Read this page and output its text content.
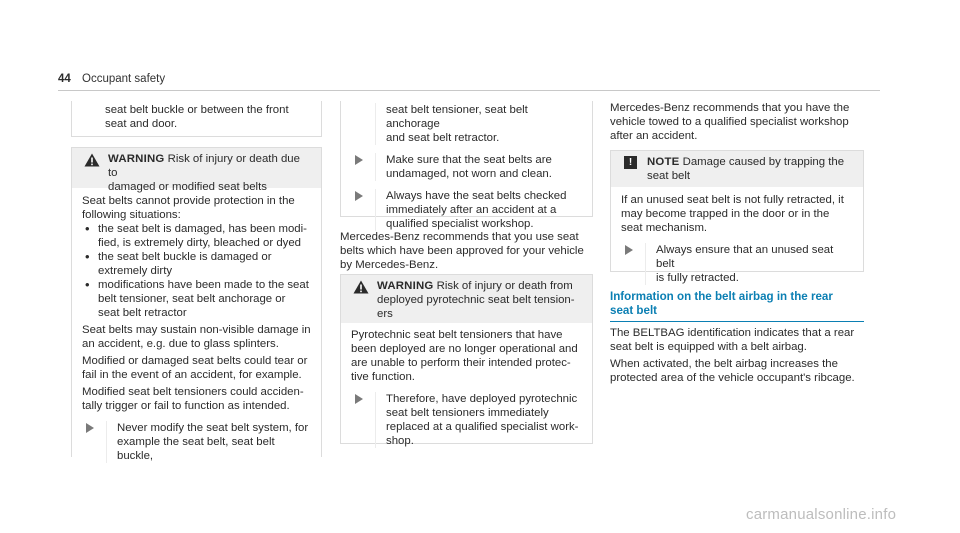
44 Occupant safety
seat belt buckle or between the front
seat and door.
WARNING Risk of injury or death due to
damaged or modified seat belts
Seat belts cannot provide protection in the
following situations:
• the seat belt is damaged, has been modi-
fied, is extremely dirty, bleached or dyed
• the seat belt buckle is damaged or
extremely dirty
• modifications have been made to the seat
belt tensioner, seat belt anchorage or
seat belt retractor
Seat belts may sustain non-visible damage in
an accident, e.g. due to glass splinters.
Modified or damaged seat belts could tear or
fail in the event of an accident, for example.
Modified seat belt tensioners could acciden-
tally trigger or fail to function as intended.
Never modify the seat belt system, for
example the seat belt, seat belt buckle,
seat belt tensioner, seat belt anchorage
and seat belt retractor.
Make sure that the seat belts are
undamaged, not worn and clean.
Always have the seat belts checked
immediately after an accident at a
qualified specialist workshop.
Mercedes-Benz recommends that you use seat
belts which have been approved for your vehicle
by Mercedes-Benz.
WARNING Risk of injury or death from
deployed pyrotechnic seat belt tension-
ers
Pyrotechnic seat belt tensioners that have
been deployed are no longer operational and
are unable to perform their intended protec-
tive function.
Therefore, have deployed pyrotechnic
seat belt tensioners immediately
replaced at a qualified specialist work-
shop.
Mercedes-Benz recommends that you have the
vehicle towed to a qualified specialist workshop
after an accident.
!	NOTE Damage caused by trapping the
seat belt
If an unused seat belt is not fully retracted, it
may become trapped in the door or in the
seat mechanism.
Always ensure that an unused seat belt
is fully retracted.
Information on the belt airbag in the rear
seat belt
The BELTBAG identification indicates that a rear
seat belt is equipped with a belt airbag.
When activated, the belt airbag increases the
protected area of the vehicle occupant's ribcage.
carmanualsonline.info
